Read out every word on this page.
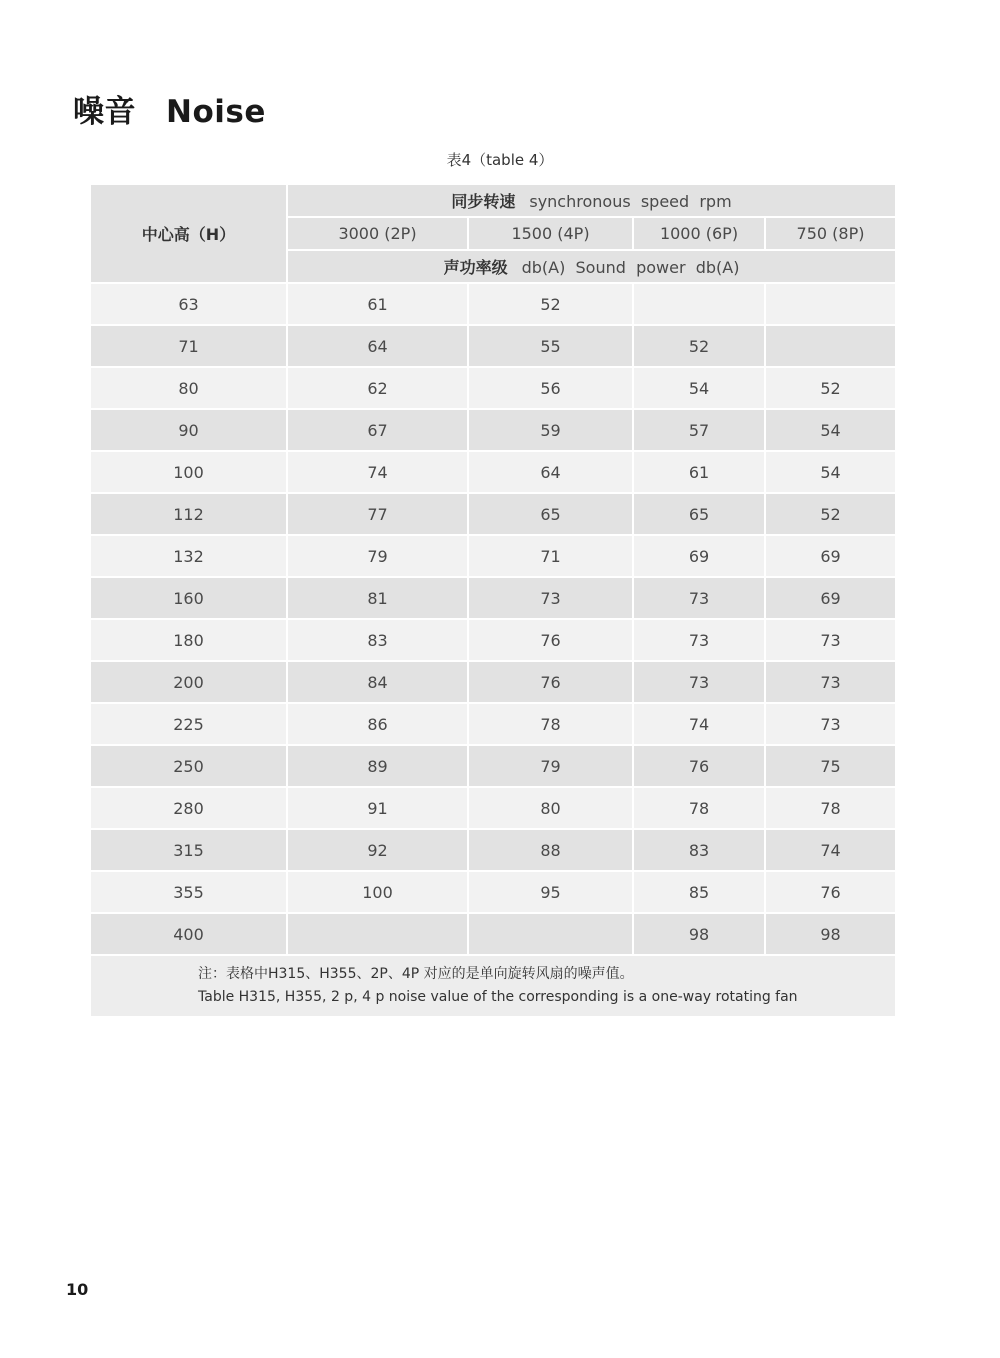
噪音 Noise
表4（table 4）
中心高（H）	同步转速 synchronous  speed  rpm			
	3000 (2P)	1500 (4P)	1000 (6P)	750 (8P)
	声功率级 db(A)  Sound  power  db(A)			
63	61	52		
71	64	55	52	
80	62	56	54	52
90	67	59	57	54
100	74	64	61	54
112	77	65	65	52
132	79	71	69	69
160	81	73	73	69
180	83	76	73	73
200	84	76	73	73
225	86	78	74	73
250	89	79	76	75
280	91	80	78	78
315	92	88	83	74
355	100	95	85	76
400			98	98

注：表格中H315、H355、2P、4P 对应的是单向旋转风扇的噪声值。
Table H315, H355, 2 p, 4 p noise value of the corresponding is a one-way rotating fan				
10
